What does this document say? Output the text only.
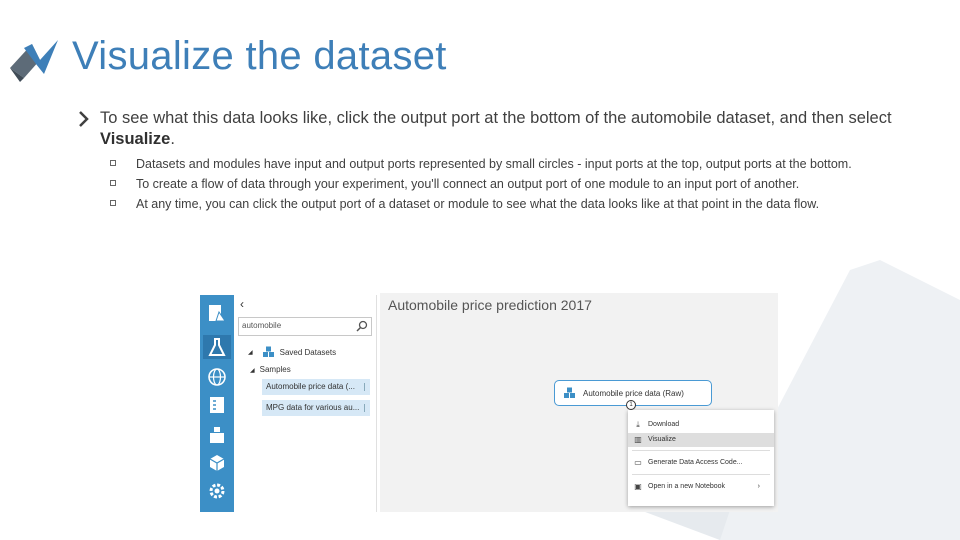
Visualize the dataset
To see what this data looks like, click the output port at the bottom of the automobile dataset, and then select Visualize.
Datasets and modules have input and output ports represented by small circles - input ports at the top, output ports at the bottom.
To create a flow of data through your experiment, you'll connect an output port of one module to an input port of another.
At any time, you can click the output port of a dataset or module to see what the data looks like at that point in the data flow.
‹
automobile
◢	Saved Datasets
◢ Samples
Automobile price data (...
MPG data for various au...
Automobile price prediction 2017
Automobile price data (Raw)
1
⤓	Download
▥ Visualize
▭ Generate Data Access Code...
▣ Open in a new Notebook	›
